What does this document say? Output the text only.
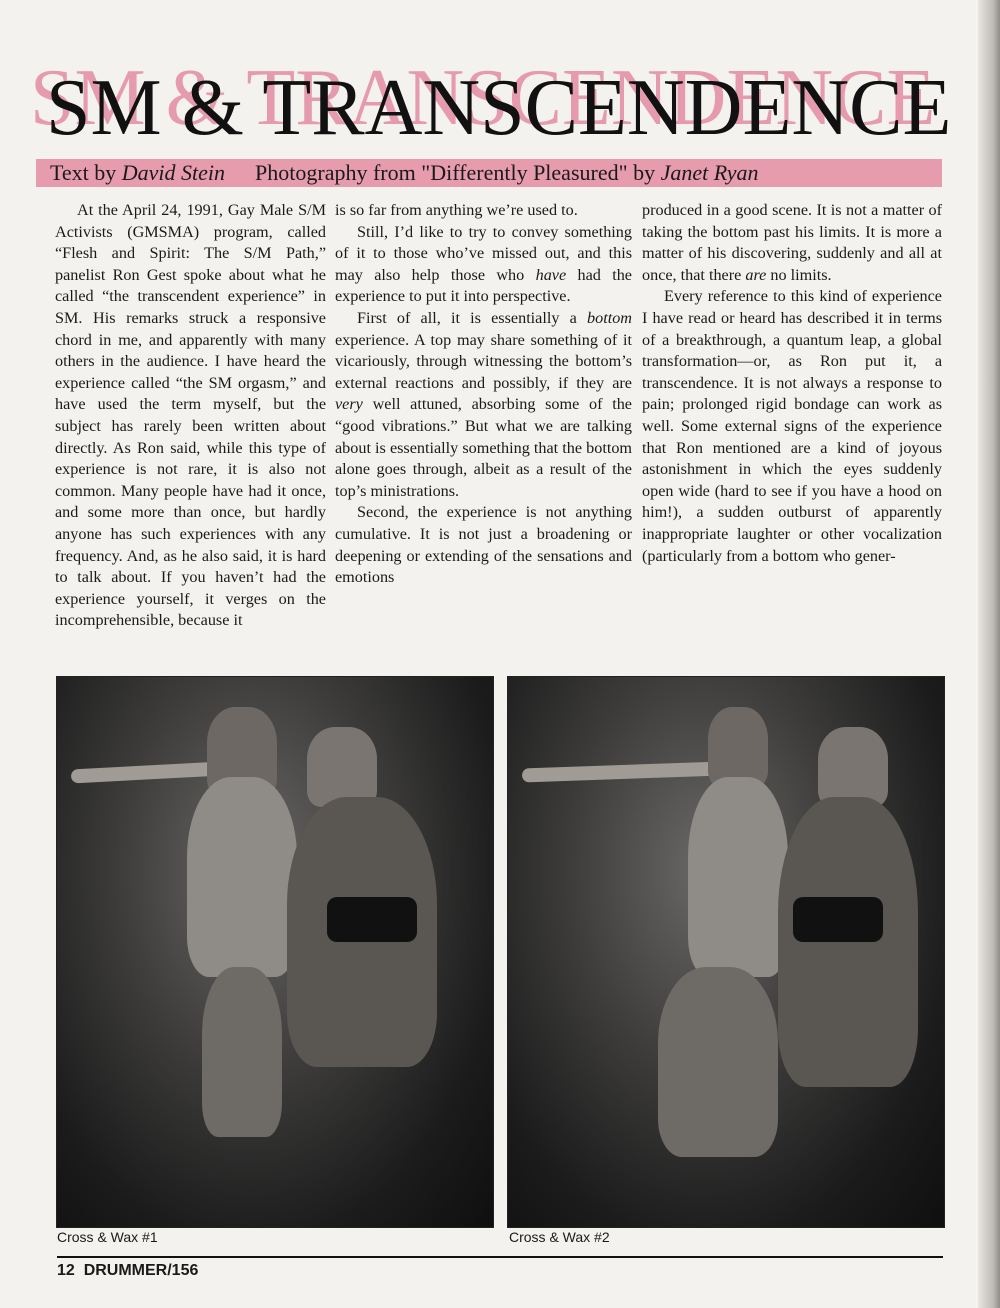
SM & TRANSCENDENCE
Text by David Stein Photography from "Differently Pleasured" by Janet Ryan

At the April 24, 1991, Gay Male S/M Activists (GMSMA) program, called “Flesh and Spirit: The S/M Path,” panelist Ron Gest spoke about what he called “the transcendent experience” in SM. His remarks struck a responsive chord in me, and apparently with many others in the audience. I have heard the experience called “the SM orgasm,” and have used the term myself, but the subject has rarely been written about directly. As Ron said, while this type of experience is not rare, it is also not common. Many people have had it once, and some more than once, but hardly anyone has such experiences with any frequency. And, as he also said, it is hard to talk about. If you haven’t had the experience yourself, it verges on the incomprehensible, because it

is so far from anything we’re used to.

Still, I’d like to try to convey something of it to those who’ve missed out, and this may also help those who have had the experience to put it into perspective.

First of all, it is essentially a bottom experience. A top may share something of it vicariously, through witnessing the bottom’s external reactions and possibly, if they are very well attuned, absorbing some of the “good vibrations.” But what we are talking about is essentially something that the bottom alone goes through, albeit as a result of the top’s ministrations.

Second, the experience is not anything cumulative. It is not just a broadening or deepening or extending of the sensations and emotions

produced in a good scene. It is not a matter of taking the bottom past his limits. It is more a matter of his discovering, suddenly and all at once, that there are no limits.

Every reference to this kind of experience I have read or heard has described it in terms of a breakthrough, a quantum leap, a global transformation—or, as Ron put it, a transcendence. It is not always a response to pain; prolonged rigid bondage can work as well. Some external signs of the experience that Ron mentioned are a kind of joyous astonishment in which the eyes suddenly open wide (hard to see if you have a hood on him!), a sudden outburst of apparently inappropriate laughter or other vocalization (particularly from a bottom who gener-

Cross & Wax #1	Cross & Wax #2
12  DRUMMER/156
